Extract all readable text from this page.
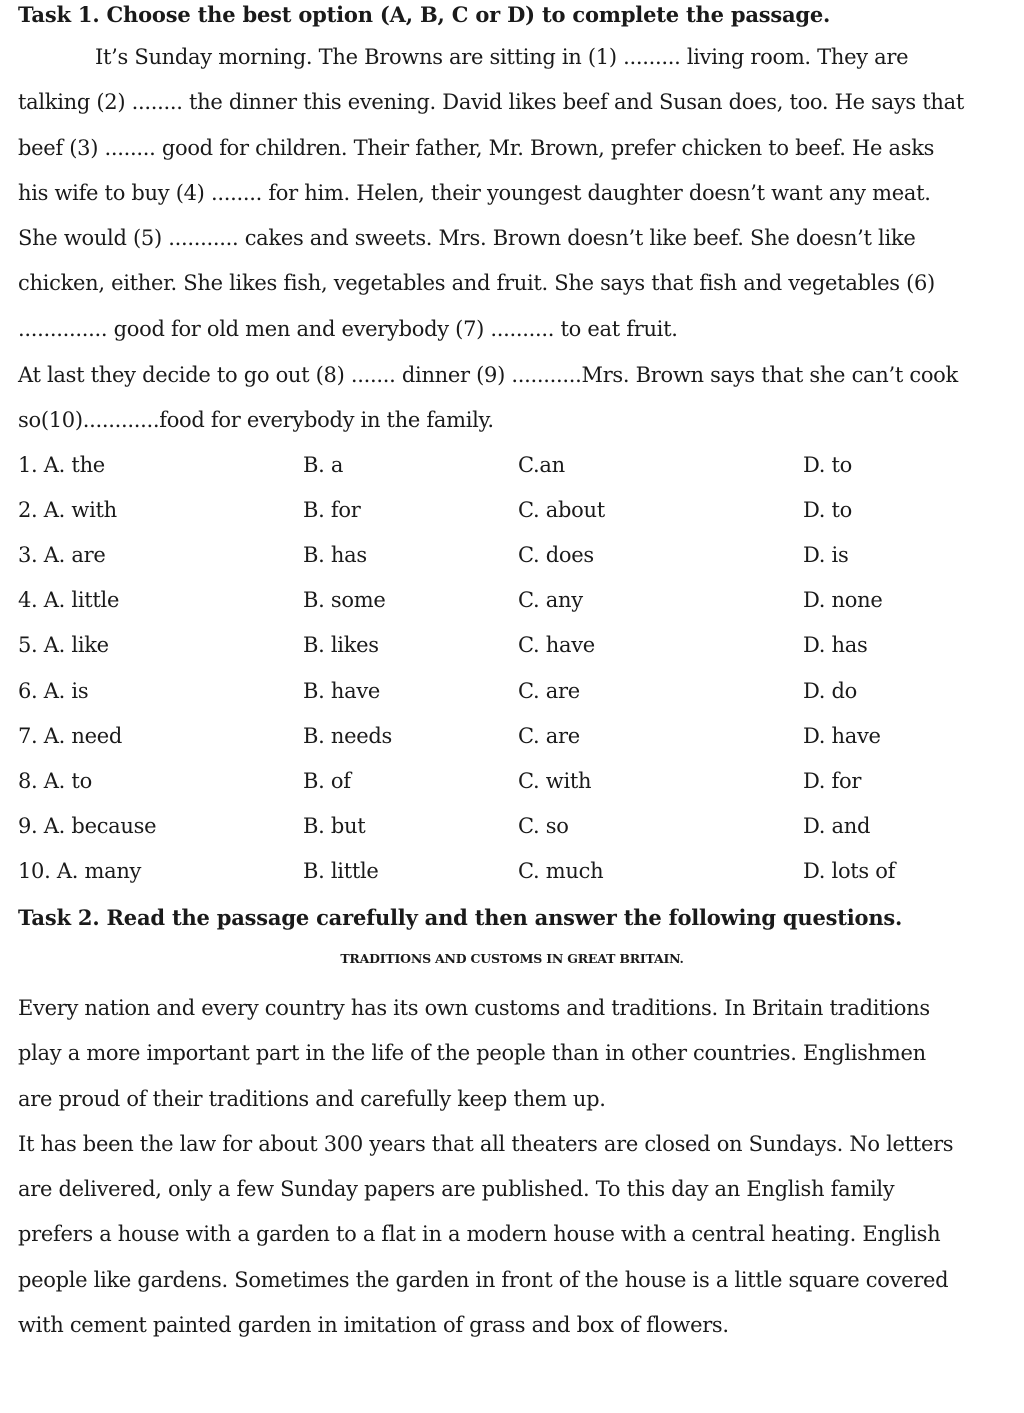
Task 1. Choose the best option (A, B, C or D) to complete the passage.
It’s Sunday morning. The Browns are sitting in (1) ......... living room. They are
talking (2) ........ the dinner this evening. David likes beef and Susan does, too. He says that
beef (3) ........ good for children. Their father, Mr. Brown, prefer chicken to beef. He asks
his wife to buy (4) ........ for him. Helen, their youngest daughter doesn’t want any meat.
She would (5) ........... cakes and sweets. Mrs. Brown doesn’t like beef. She doesn’t like
chicken, either. She likes fish, vegetables and fruit. She says that fish and vegetables (6)
.............. good for old men and everybody (7) .......... to eat fruit.
At last they decide to go out (8) ....... dinner (9) ...........Mrs. Brown says that she can’t cook
so(10)............food for everybody in the family.
1. A. the	B. a	C.an	D. to
2. A. with	B. for	C. about	D. to
3. A. are	B. has	C. does	D. is
4. A. little	B. some	C. any	D. none
5. A. like	B. likes	C. have	D. has
6. A. is	B. have	C. are	D. do
7. A. need	B. needs	C. are	D. have
8. A. to	B. of	C. with	D. for
9. A. because	B. but	C. so	D. and
10. A. many	B. little	C. much	D. lots of
Task 2. Read the passage carefully and then answer the following questions.
TRADITIONS AND CUSTOMS IN GREAT BRITAIN.
Every nation and every country has its own customs and traditions. In Britain traditions
play a more important part in the life of the people than in other countries. Englishmen
are proud of their traditions and carefully keep them up.
It has been the law for about 300 years that all theaters are closed on Sundays. No letters
are delivered, only a few Sunday papers are published. To this day an English family
prefers a house with a garden to a flat in a modern house with a central heating. English
people like gardens. Sometimes the garden in front of the house is a little square covered
with cement painted garden in imitation of grass and box of flowers.
